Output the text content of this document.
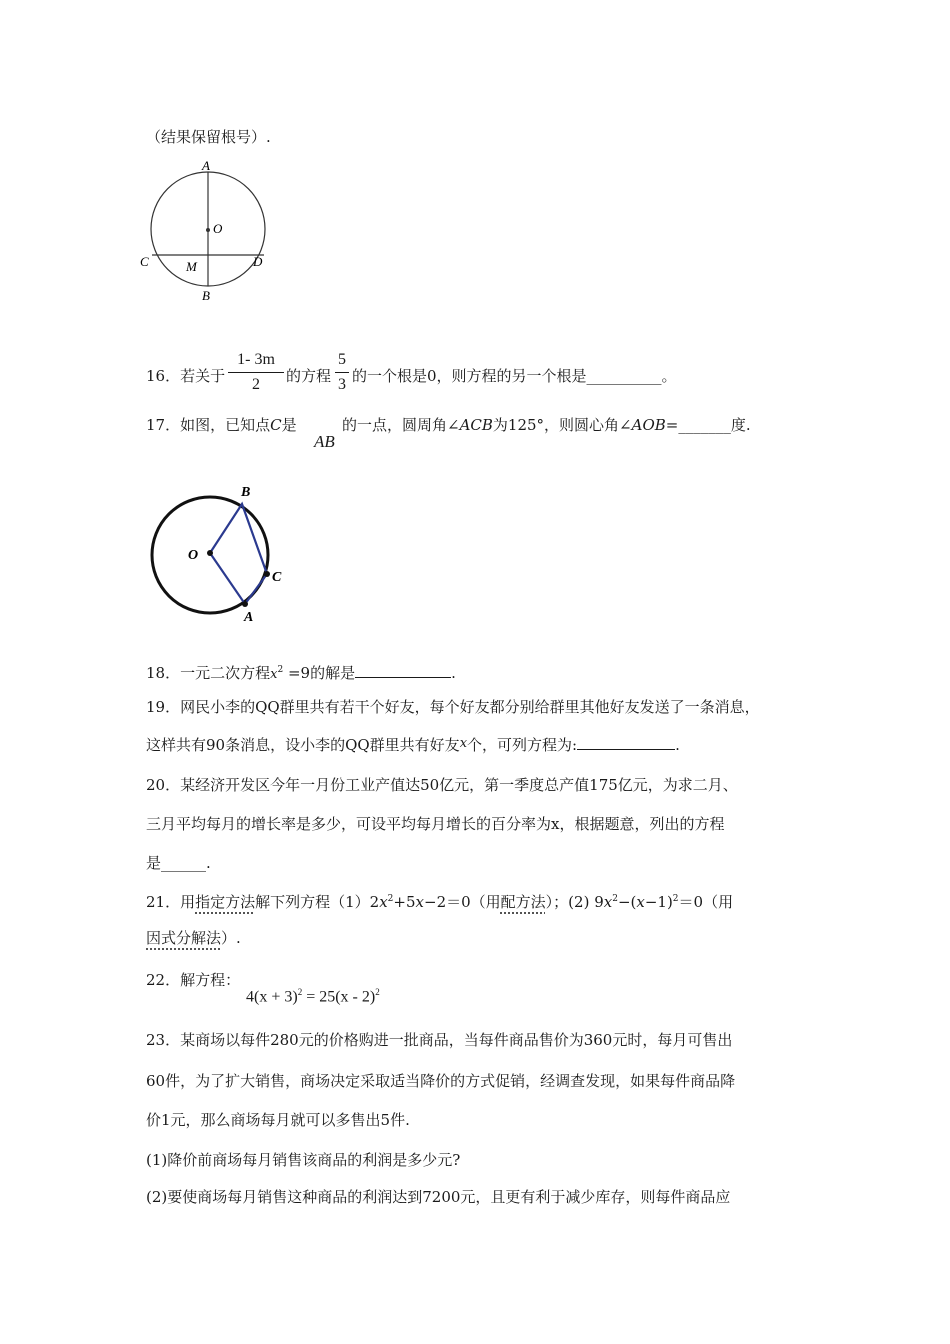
（结果保留根号）.
A
O
C	M	D
B
16．若关于
1- 3m
2	的方程
5
3 的一个根是0，则方程的另一个根是__________。
17．如图，已知点C是
AB
的一点，圆周角∠ACB为125°，则圆心角∠AOB=_______度.
B
O
C
A
18．一元二次方程$x^2 =9$的解是	.
19．网民小李的QQ群里共有若干个好友，每个好友都分别给群里其他好友发送了一条消息，
这样共有90条消息，设小李的QQ群里共有好友x个，可列方程为:	.
20．某经济开发区今年一月份工业产值达50亿元，第一季度总产值175亿元，为求二月、
三月平均每月的增长率是多少，可设平均每月增长的百分率为x，根据题意，列出的方程
是______.
21．用指定方法解下列方程$(1)2x^2+5x-2=0$（用配方法）；(2) $9x^2-(x-1)^2=0$（用
因式分解法）.
22．解方程：
$4(x + 3)^2 = 25(x - 2)^2$
23．某商场以每件280元的价格购进一批商品，当每件商品售价为360元时，每月可售出
60件，为了扩大销售，商场决定采取适当降价的方式促销，经调查发现，如果每件商品降
价1元，那么商场每月就可以多售出5件.
(1)降价前商场每月销售该商品的利润是多少元?
(2)要使商场每月销售这种商品的利润达到7200元，且更有利于减少库存，则每件商品应
